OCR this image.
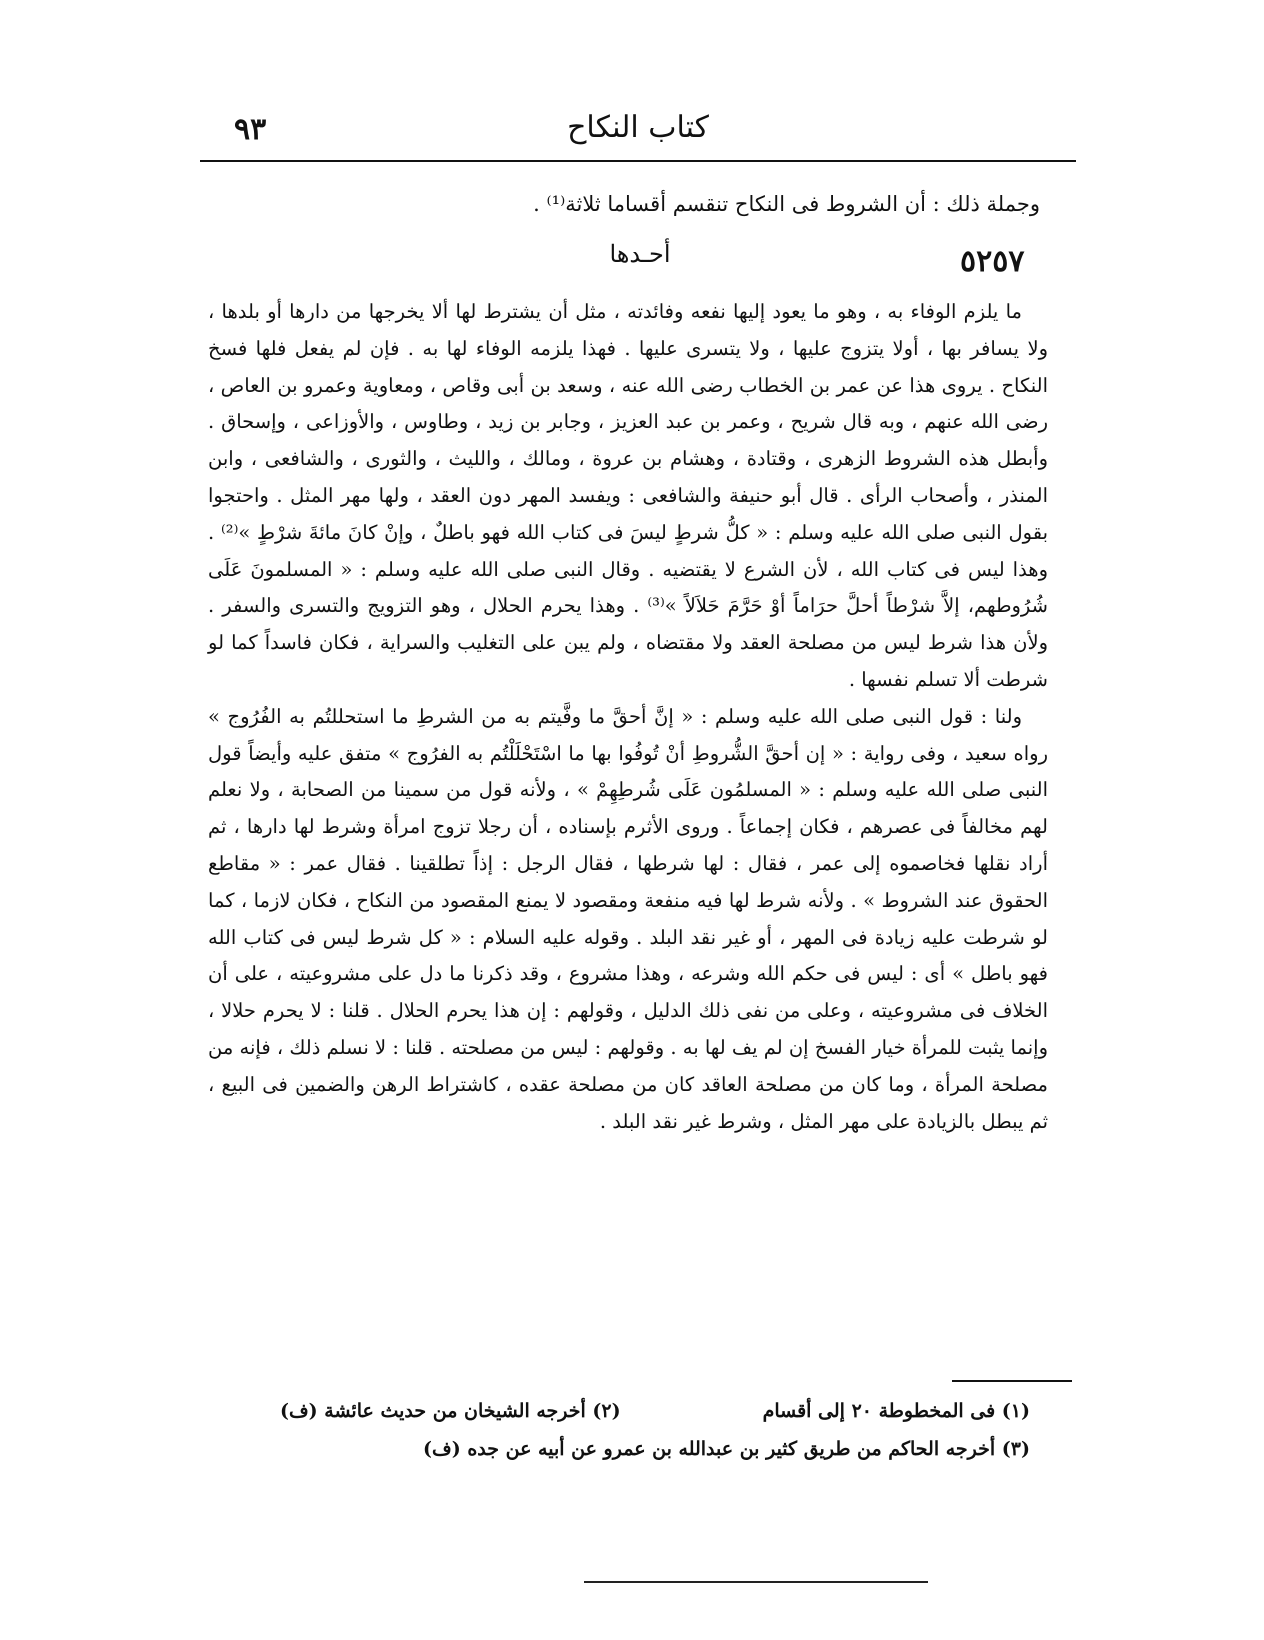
٩٣	كتاب النكاح
وجملة ذلك : أن الشروط فى النكاح تنقسم أقساما ثلاثة⁽¹⁾ .
٥٢٥٧
أحـدها

ما يلزم الوفاء به ، وهو ما يعود إليها نفعه وفائدته ، مثل أن يشترط لها ألا يخرجها من دارها أو بلدها ، ولا يسافر بها ، أولا يتزوج عليها ، ولا يتسرى عليها . فهذا يلزمه الوفاء لها به . فإن لم يفعل فلها فسخ النكاح . يروى هذا عن عمر بن الخطاب رضى الله عنه ، وسعد بن أبى وقاص ، ومعاوية وعمرو بن العاص ، رضى الله عنهم ، وبه قال شريح ، وعمر بن عبد العزيز ، وجابر بن زيد ، وطاوس ، والأوزاعى ، وإسحاق . وأبطل هذه الشروط الزهرى ، وقتادة ، وهشام بن عروة ، ومالك ، والليث ، والثورى ، والشافعى ، وابن المنذر ، وأصحاب الرأى . قال أبو حنيفة والشافعى : ويفسد المهر دون العقد ، ولها مهر المثل . واحتجوا بقول النبى صلى الله عليه وسلم : « كلُّ شرطٍ ليسَ فى كتاب الله فهو باطلٌ ، وإنْ كانَ مائةَ شرْطٍ »⁽²⁾ . وهذا ليس فى كتاب الله ، لأن الشرع لا يقتضيه . وقال النبى صلى الله عليه وسلم : « المسلمونَ عَلَى شُرُوطهم، إلاَّ شرْطاً أحلَّ حرَاماً أوْ حَرَّمَ حَلاَلاً »⁽³⁾ . وهذا يحرم الحلال ، وهو التزويج والتسرى والسفر . ولأن هذا شرط ليس من مصلحة العقد ولا مقتضاه ، ولم يبن على التغليب والسراية ، فكان فاسداً كما لو شرطت ألا تسلم نفسها .

ولنا : قول النبى صلى الله عليه وسلم : « إنَّ أحقَّ ما وفَّيتم به من الشرطِ ما استحللتُم به الفُرُوج » رواه سعيد ، وفى رواية : « إن أحقَّ الشُّروطِ أنْ تُوفُوا بها ما اسْتَحْلَلْتُم به الفرُوج » متفق عليه وأيضاً قول النبى صلى الله عليه وسلم : « المسلمُون عَلَى شُرطِهِمْ » ، ولأنه قول من سمينا من الصحابة ، ولا نعلم لهم مخالفاً فى عصرهم ، فكان إجماعاً . وروى الأثرم بإسناده ، أن رجلا تزوج امرأة وشرط لها دارها ، ثم أراد نقلها فخاصموه إلى عمر ، فقال : لها شرطها ، فقال الرجل : إذاً تطلقينا . فقال عمر : « مقاطع الحقوق عند الشروط » . ولأنه شرط لها فيه منفعة ومقصود لا يمنع المقصود من النكاح ، فكان لازما ، كما لو شرطت عليه زيادة فى المهر ، أو غير نقد البلد . وقوله عليه السلام : « كل شرط ليس فى كتاب الله فهو باطل » أى : ليس فى حكم الله وشرعه ، وهذا مشروع ، وقد ذكرنا ما دل على مشروعيته ، على أن الخلاف فى مشروعيته ، وعلى من نفى ذلك الدليل ، وقولهم : إن هذا يحرم الحلال . قلنا : لا يحرم حلالا ، وإنما يثبت للمرأة خيار الفسخ إن لم يف لها به . وقولهم : ليس من مصلحته . قلنا : لا نسلم ذلك ، فإنه من مصلحة المرأة ، وما كان من مصلحة العاقد كان من مصلحة عقده ، كاشتراط الرهن والضمين فى البيع ، ثم يبطل بالزيادة على مهر المثل ، وشرط غير نقد البلد .

(١) فى المخطوطة ٢٠ إلى أقسام
(٢) أخرجه الشيخان من حديث عائشة (ف)
(٣) أخرجه الحاكم من طريق كثير بن عبدالله بن عمرو عن أبيه عن جده (ف)
